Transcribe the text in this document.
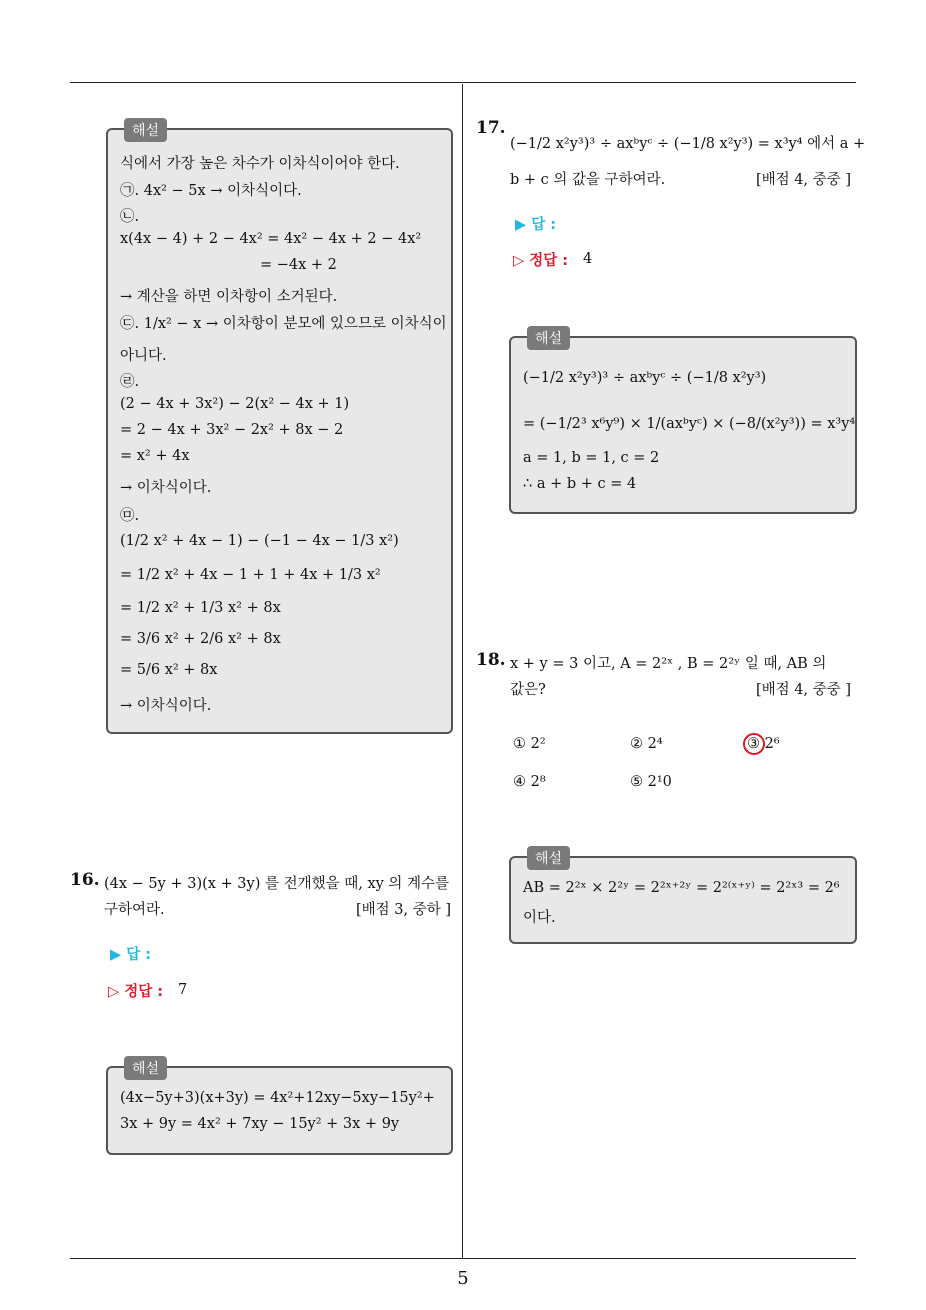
해설
식에서 가장 높은 차수가 이차식이어야 한다.
㉠. 4x² − 5x → 이차식이다.
㉡.
x(4x − 4) + 2 − 4x² = 4x² − 4x + 2 − 4x²
= −4x + 2
→ 계산을 하면 이차항이 소거된다.
㉢. 1/x² − x → 이차항이 분모에 있으므로 이차식이
아니다.
㉣.
(2 − 4x + 3x²) − 2(x² − 4x + 1)
= 2 − 4x + 3x² − 2x² + 8x − 2
= x² + 4x
→ 이차식이다.
㉤.
(1/2 x² + 4x − 1) − (−1 − 4x − 1/3 x²)
= 1/2 x² + 4x − 1 + 1 + 4x + 1/3 x²
= 1/2 x² + 1/3 x² + 8x
= 3/6 x² + 2/6 x² + 8x
= 5/6 x² + 8x
→ 이차식이다.
16. (4x − 5y + 3)(x + 3y) 를 전개했을 때, xy 의 계수를
구하여라.	[배점 3, 중하 ]
▶ 답 :
▷ 정답 : 7
해설
(4x−5y+3)(x+3y) = 4x²+12xy−5xy−15y²+
3x + 9y = 4x² + 7xy − 15y² + 3x + 9y
17.
(−1/2 x²y³)³ ÷ axᵇyᶜ ÷ (−1/8 x²y³) = x³y⁴ 에서 a +
b + c 의 값을 구하여라.	[배점 4, 중중 ]
▶ 답 :
▷ 정답 : 4
해설
(−1/2 x²y³)³ ÷ axᵇyᶜ ÷ (−1/8 x²y³)
= (−1/2³ x⁶y⁹) × 1/(axᵇyᶜ) × (−8/(x²y³)) = x³y⁴
a = 1, b = 1, c = 2
∴ a + b + c = 4
18. x + y = 3 이고, A = 2²ˣ , B = 2²ʸ 일 때, AB 의
값은?	[배점 4, 중중 ]
① 2²	② 2⁴	③ 2⁶
④ 2⁸	⑤ 2¹0
해설
AB = 2²ˣ × 2²ʸ = 2²ˣ⁺²ʸ = 2²⁽ˣ⁺ʸ⁾ = 2²ˣ³ = 2⁶
이다.
5
